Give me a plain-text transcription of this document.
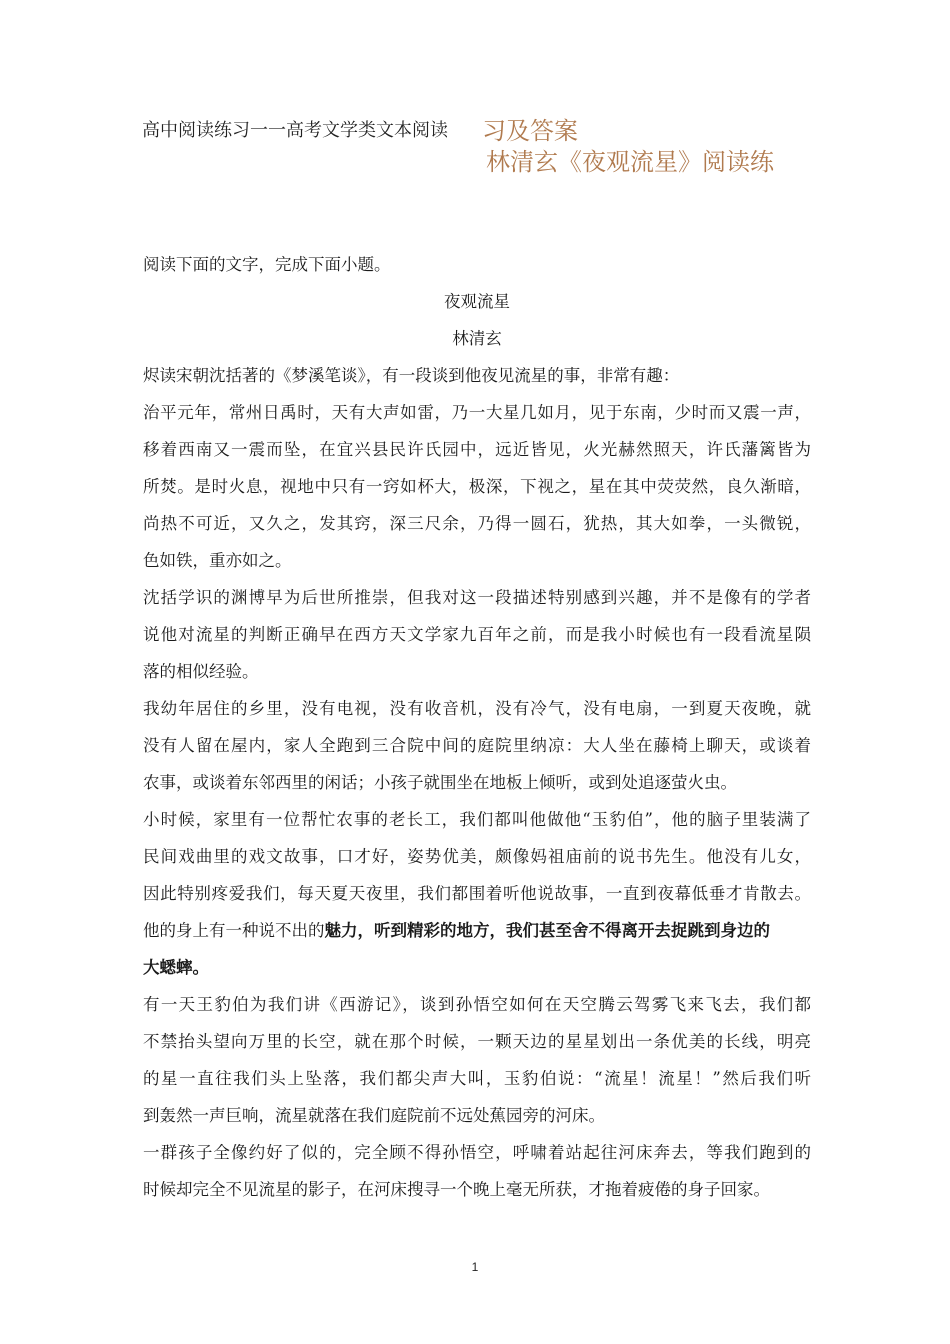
高中阅读练习一一高考文学类文本阅读	习及答案
林清玄《夜观流星》阅读练
阅读下面的文字，完成下面小题。
夜观流星
林清玄
烬读宋朝沈括著的《梦溪笔谈》，有一段谈到他夜见流星的事，非常有趣：
治平元年，常州日禹时，天有大声如雷，乃一大星几如月，见于东南，少时而又震一声，
移着西南又一震而坠，在宜兴县民许氏园中，远近皆见，火光赫然照天，许氏藩篱皆为
所焚。是时火息，视地中只有一窍如杯大，极深，下视之，星在其中荧荧然，良久渐暗，
尚热不可近，又久之，发其窍，深三尺余，乃得一圆石，犹热，其大如拳，一头微锐，
色如铁，重亦如之。
沈括学识的渊博早为后世所推崇，但我对这一段描述特别感到兴趣，并不是像有的学者
说他对流星的判断正确早在西方天文学家九百年之前，而是我小时候也有一段看流星陨
落的相似经验。
我幼年居住的乡里，没有电视，没有收音机，没有冷气，没有电扇，一到夏天夜晚，就
没有人留在屋内，家人全跑到三合院中间的庭院里纳凉：大人坐在藤椅上聊天，或谈着
农事，或谈着东邻西里的闲话；小孩子就围坐在地板上倾听，或到处追逐萤火虫。
小时候，家里有一位帮忙农事的老长工，我们都叫他做他“玉豹伯”，他的脑子里装满了
民间戏曲里的戏文故事，口才好，姿势优美，颇像妈祖庙前的说书先生。他没有儿女，
因此特别疼爱我们，每天夏天夜里，我们都围着听他说故事，一直到夜幕低垂才肯散去。
他的身上有一种说不出的魅力，听到精彩的地方，我们甚至舍不得离开去捉跳到身边的
大蟋蟀。
有一天王豹伯为我们讲《西游记》，谈到孙悟空如何在天空腾云驾雾飞来飞去，我们都
不禁抬头望向万里的长空，就在那个时候，一颗天边的星星划出一条优美的长线，明亮
的星一直往我们头上坠落，我们都尖声大叫，玉豹伯说：“流星！流星！”然后我们听
到轰然一声巨响，流星就落在我们庭院前不远处蕉园旁的河床。
一群孩子全像约好了似的，完全顾不得孙悟空，呼啸着站起往河床奔去，等我们跑到的
时候却完全不见流星的影子，在河床搜寻一个晚上毫无所获，才拖着疲倦的身子回家。
1
